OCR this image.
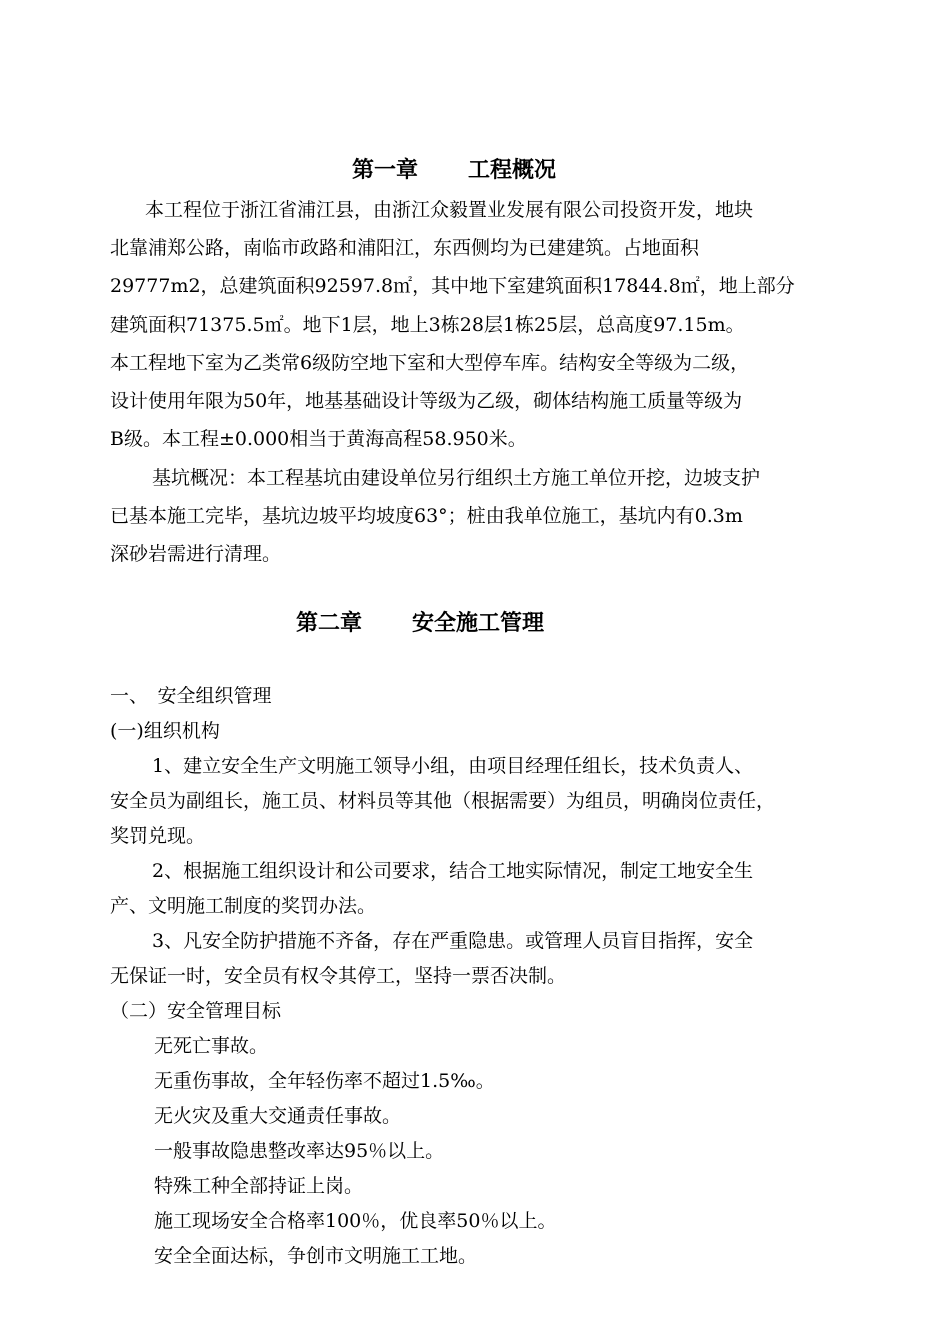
第一章 工程概况
本工程位于浙江省浦江县，由浙江众毅置业发展有限公司投资开发，地块
北靠浦郑公路，南临市政路和浦阳江，东西侧均为已建建筑。占地面积
29777m2，总建筑面积92597.8㎡，其中地下室建筑面积17844.8㎡，地上部分
建筑面积71375.5㎡。地下1层，地上3栋28层1栋25层，总高度97.15m。
本工程地下室为乙类常6级防空地下室和大型停车库。结构安全等级为二级，
设计使用年限为50年，地基基础设计等级为乙级，砌体结构施工质量等级为
B级。本工程±0.000相当于黄海高程58.950米。
基坑概况：本工程基坑由建设单位另行组织土方施工单位开挖，边坡支护
已基本施工完毕，基坑边坡平均坡度63°；桩由我单位施工，基坑内有0.3m
深砂岩需进行清理。
第二章 安全施工管理
一、　安全组织管理
(一)组织机构
1、建立安全生产文明施工领导小组，由项目经理任组长，技术负责人、
安全员为副组长，施工员、材料员等其他（根据需要）为组员，明确岗位责任，
奖罚兑现。
2、根据施工组织设计和公司要求，结合工地实际情况，制定工地安全生
产、文明施工制度的奖罚办法。
3、凡安全防护措施不齐备，存在严重隐患。或管理人员盲目指挥，安全
无保证一时，安全员有权令其停工，坚持一票否决制。
（二）安全管理目标
无死亡事故。
无重伤事故，全年轻伤率不超过1.5‰。
无火灾及重大交通责任事故。
一般事故隐患整改率达95％以上。
特殊工种全部持证上岗。
施工现场安全合格率100％，优良率50％以上。
安全全面达标，争创市文明施工工地。
